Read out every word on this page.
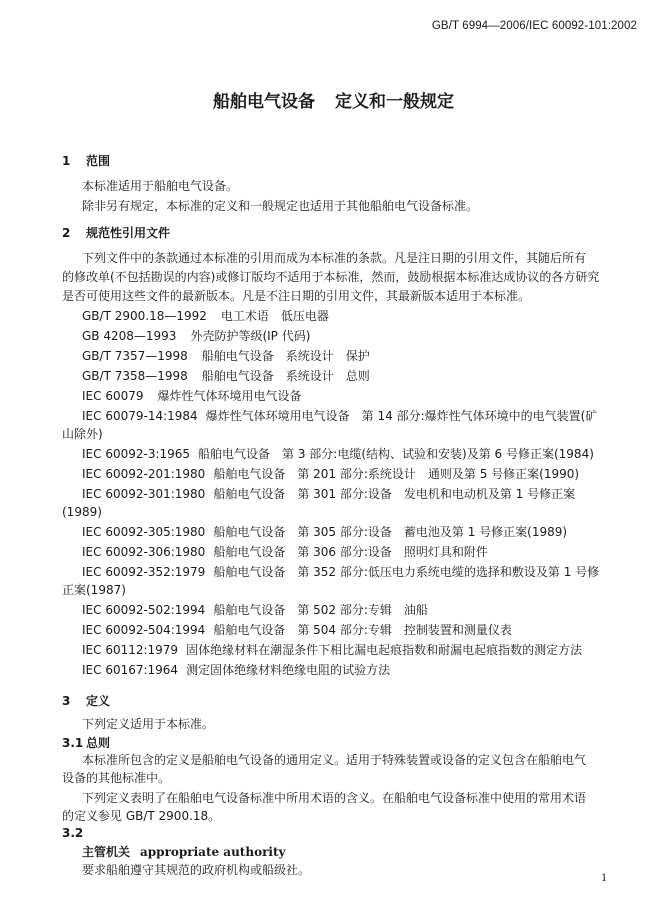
GB/T 6994—2006/IEC 60092-101:2002
船舶电气设备 定义和一般规定
1 范围
本标准适用于船舶电气设备。
除非另有规定，本标准的定义和一般规定也适用于其他船舶电气设备标准。
2 规范性引用文件
下列文件中的条款通过本标准的引用而成为本标准的条款。凡是注日期的引用文件，其随后所有
的修改单(不包括勘误的内容)或修订版均不适用于本标准，然而，鼓励根据本标准达成协议的各方研究
是否可使用这些文件的最新版本。凡是不注日期的引用文件，其最新版本适用于本标准。
GB/T 2900.18—1992 电工术语　低压电器
GB 4208—1993 外壳防护等级(IP 代码)
GB/T 7357—1998 船舶电气设备　系统设计　保护
GB/T 7358—1998 船舶电气设备　系统设计　总则
IEC 60079 爆炸性气体环境用电气设备
IEC 60079-14:1984 爆炸性气体环境用电气设备　第 14 部分:爆炸性气体环境中的电气装置(矿
山除外)
IEC 60092-3:1965 船舶电气设备　第 3 部分:电缆(结构、试验和安装)及第 6 号修正案(1984)
IEC 60092-201:1980 船舶电气设备　第 201 部分:系统设计　通则及第 5 号修正案(1990)
IEC 60092-301:1980 船舶电气设备　第 301 部分:设备　发电机和电动机及第 1 号修正案
(1989)
IEC 60092-305:1980 船舶电气设备　第 305 部分:设备　蓄电池及第 1 号修正案(1989)
IEC 60092-306:1980 船舶电气设备　第 306 部分:设备　照明灯具和附件
IEC 60092-352:1979 船舶电气设备　第 352 部分:低压电力系统电缆的选择和敷设及第 1 号修
正案(1987)
IEC 60092-502:1994 船舶电气设备　第 502 部分:专辑　油船
IEC 60092-504:1994 船舶电气设备　第 504 部分:专辑　控制装置和测量仪表
IEC 60112:1979 固体绝缘材料在潮湿条件下相比漏电起痕指数和耐漏电起痕指数的测定方法
IEC 60167:1964 测定固体绝缘材料绝缘电阻的试验方法
3 定义
下列定义适用于本标准。
3.1 总则
本标准所包含的定义是船舶电气设备的通用定义。适用于特殊装置或设备的定义包含在船舶电气
设备的其他标准中。
下列定义表明了在船舶电气设备标准中所用术语的含义。在船舶电气设备标准中使用的常用术语
的定义参见 GB/T 2900.18。
3.2
主管机关 appropriate authority
要求船舶遵守其规范的政府机构或船级社。	1
